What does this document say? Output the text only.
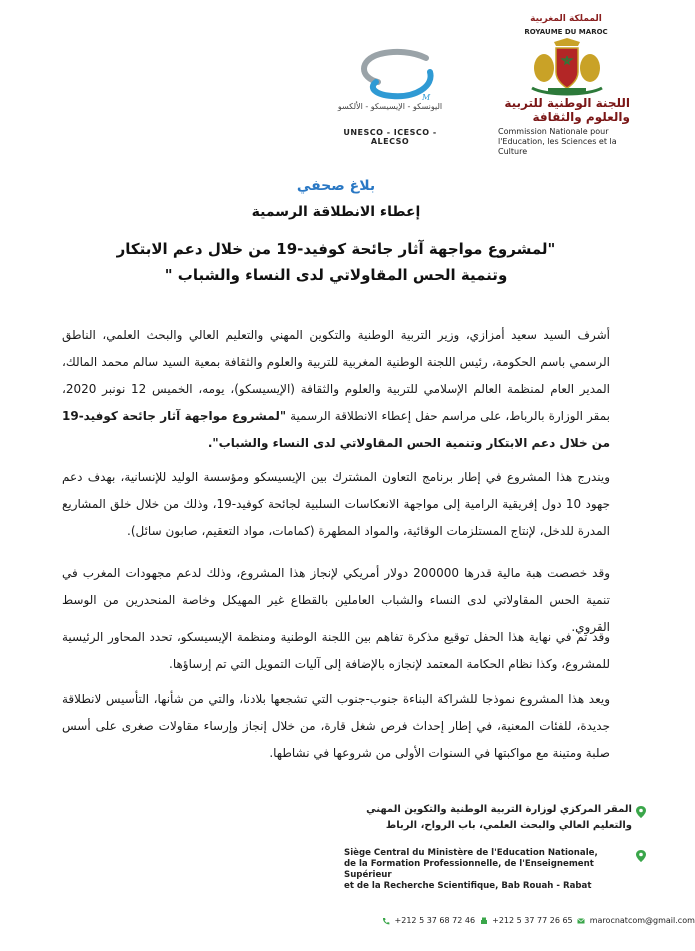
M
اليونسكو - الإيسيسكو - الألكسو
UNESCO - ICESCO - ALECSO
المملكة المغربية
ROYAUME DU MAROC
اللجنة الوطنية للتربية والعلوم والثقافة
Commission Nationale pour
l'Education, les Sciences et la Culture
بلاغ صحفي
إعطاء الانطلاقة الرسمية
"لمشروع مواجهة آثار جائحة كوفيد-19 من خلال دعم الابتكار
وتنمية الحس المقاولاتي لدى النساء والشباب "
أشرف السيد سعيد أمزازي، وزير التربية الوطنية والتكوين المهني والتعليم العالي والبحث العلمي، الناطق الرسمي باسم الحكومة، رئيس اللجنة الوطنية المغربية للتربية والعلوم والثقافة بمعية السيد سالم محمد المالك، المدير العام لمنظمة العالم الإسلامي للتربية والعلوم والثقافة (الإيسيسكو)، يومه، الخميس 12 نونبر 2020، بمقر الوزارة بالرباط، على مراسم حفل إعطاء الانطلاقة الرسمية "لمشروع مواجهة آثار جائحة كوفيد-19 من خلال دعم الابتكار وتنمية الحس المقاولاتي لدى النساء والشباب".
ويندرج هذا المشروع في إطار برنامج التعاون المشترك بين الإيسيسكو ومؤسسة الوليد للإنسانية، بهدف دعم جهود 10 دول إفريقية الرامية إلى مواجهة الانعكاسات السلبية لجائحة كوفيد-19، وذلك من خلال خلق المشاريع المدرة للدخل، لإنتاج المستلزمات الوقائية، والمواد المطهرة (كمامات، مواد التعقيم، صابون سائل).
وقد خصصت هبة مالية قدرها 200000 دولار أمريكي لإنجاز هذا المشروع، وذلك لدعم مجهودات المغرب في تنمية الحس المقاولاتي لدى النساء والشباب العاملين بالقطاع غير المهيكل وخاصة المنحدرين من الوسط القروي.
وقد تم في نهاية هذا الحفل توقيع مذكرة تفاهم بين اللجنة الوطنية ومنظمة الإيسيسكو، تحدد المحاور الرئيسية للمشروع، وكذا نظام الحكامة المعتمد لإنجازه بالإضافة إلى آليات التمويل التي تم إرساؤها.
ويعد هذا المشروع نموذجا للشراكة البناءة جنوب-جنوب التي تشجعها بلادنا، والتي من شأنها، التأسيس لانطلاقة جديدة، للفئات المعنية، في إطار إحداث فرص شغل قارة، من خلال إنجاز وإرساء مقاولات صغرى على أسس صلبة ومتينة مع مواكبتها في السنوات الأولى من شروعها في نشاطها.
المقر المركزي لوزارة التربية الوطنية والتكوين المهني
والتعليم العالي والبحث العلمي، باب الرواح، الرباط
Siège Central du Ministère de l'Education Nationale,
de la Formation Professionnelle, de l'Enseignement Supérieur
et de la Recherche Scientifique, Bab Rouah - Rabat
+212 5 37 68 72 46 +212 5 37 77 26 65 marocnatcom@gmail.com
